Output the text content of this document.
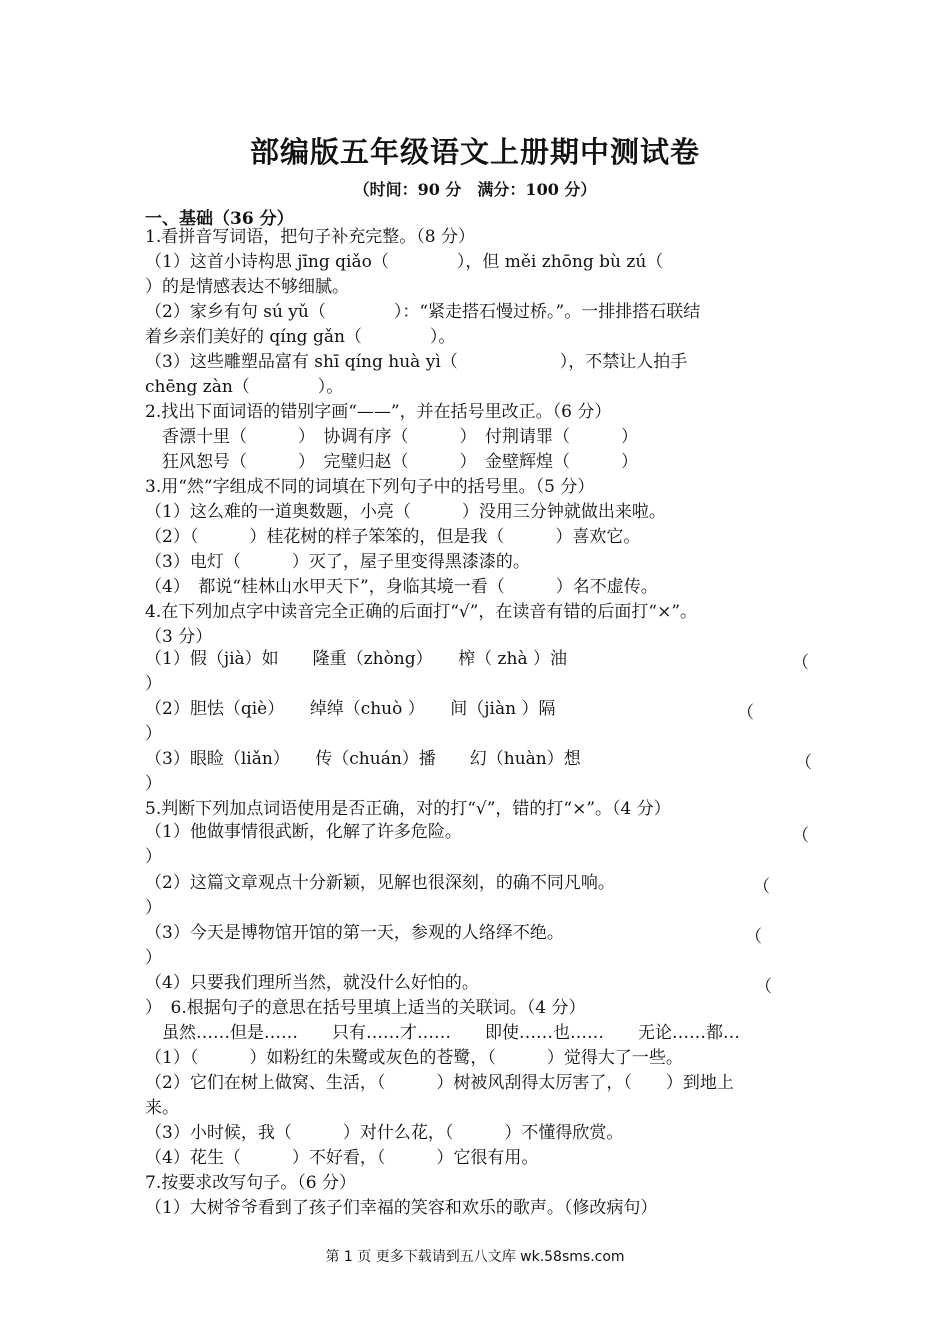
部编版五年级语文上册期中测试卷
（时间：90 分　满分：100 分）
一、基础（36 分）
1.看拼音写词语，把句子补充完整。（8 分）
（1）这首小诗构思 jīng qiǎo（　　　　），但 měi zhōng bù zú（
）的是情感表达不够细腻。
（2）家乡有句 sú yǔ（　　　　）：“紧走搭石慢过桥。”。一排排搭石联结
着乡亲们美好的 qíng gǎn（　　　　）。
（3）这些雕塑品富有 shī qíng huà yì（　　　　　　），不禁让人拍手
chēng zàn（　　　　）。
2.找出下面词语的错别字画“——”，并在括号里改正。（6 分）
　香漂十里（　　　）　协调有序（　　　）　付荆请罪（　　　）
　狂风恕号（　　　）　完璧归赵（　　　）　金壁辉煌（　　　）
3.用“然”字组成不同的词填在下列句子中的括号里。（5 分）
（1）这么难的一道奥数题，小亮（　　　）没用三分钟就做出来啦。
（2）（　　　）桂花树的样子笨笨的，但是我（　　　）喜欢它。
（3）电灯（　　　）灭了，屋子里变得黑漆漆的。
（4）　都说“桂林山水甲天下”，身临其境一看（　　　）名不虚传。
4.在下列加点字中读音完全正确的后面打“√”，在读音有错的后面打“×”。
（3 分）
（1）假（jià）如　　隆重（zhòng）　　榨（ zhà ）油	（
）
（2）胆怯（qiè）　　绰绰（chuò ）　　间（jiàn ）隔	（
）
（3）眼睑（liǎn）　　传（chuán）播　　幻（huàn）想	（
）
5.判断下列加点词语使用是否正确，对的打“√”，错的打“×”。（4 分）
（1）他做事情很武断，化解了许多危险。	（
）
（2）这篇文章观点十分新颖，见解也很深刻，的确不同凡响。	（
）
（3）今天是博物馆开馆的第一天，参观的人络绎不绝。	（
）
（4）只要我们理所当然，就没什么好怕的。	（
）　6.根据句子的意思在括号里填上适当的关联词。（4 分）
　虽然……但是……　　只有……才……　　即使……也……　　无论……都…
（1）（　　　）如粉红的朱鹭或灰色的苍鹭，（　　　）觉得大了一些。
（2）它们在树上做窝、生活，（　　　）树被风刮得太厉害了，（　　）到地上
来。
（3）小时候，我（　　　）对什么花，（　　　）不懂得欣赏。
（4）花生（　　　）不好看，（　　　）它很有用。
7.按要求改写句子。（6 分）
（1）大树爷爷看到了孩子们幸福的笑容和欢乐的歌声。（修改病句）
第 1 页 更多下载请到五八文库 wk.58sms.com
